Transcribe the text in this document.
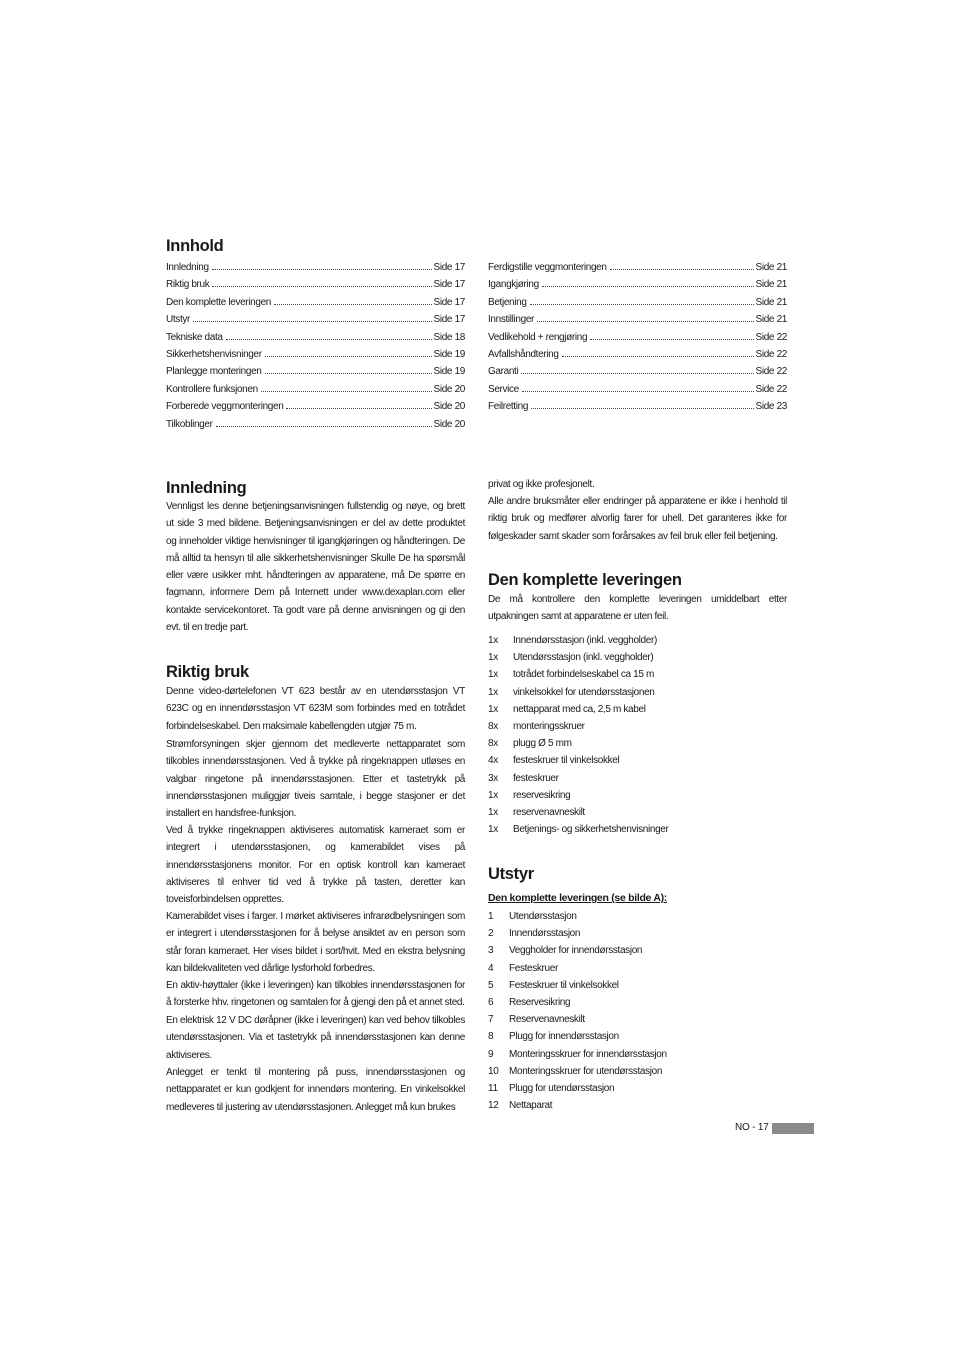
Innhold
Innledning	Side 17
Riktig bruk	Side 17
Den komplette leveringen	Side 17
Utstyr	Side 17
Tekniske data	Side 18
Sikkerhetshenvisninger	Side 19
Planlegge monteringen	Side 19
Kontrollere funksjonen	Side 20
Forberede veggmonteringen	Side 20
Tilkoblinger	Side 20
Ferdigstille veggmonteringen	Side 21
Igangkjøring	Side 21
Betjening	Side 21
Innstillinger	Side 21
Vedlikehold + rengjøring	Side 22
Avfallshåndtering	Side 22
Garanti	Side 22
Service	Side 22
Feilretting	Side 23
Innledning

Vennligst les denne betjeningsanvisningen fullstendig og nøye, og brett ut side 3 med bildene. Betjeningsanvisningen er del av dette produktet og inneholder viktige henvisninger til igangkjøringen og håndteringen. De må alltid ta hensyn til alle sikkerhetshenvisninger Skulle De ha spørsmål eller være usikker mht. håndteringen av apparatene, må De spørre en fagmann, informere Dem på Internett under www.dexaplan.com eller kontakte servicekontoret. Ta godt vare på denne anvisningen og gi den evt. til en tredje part.

Riktig bruk

Denne video-dørtelefonen VT 623 består av en utendørsstasjon VT 623C og en innendørsstasjon VT 623M som forbindes med en totrådet forbindelseskabel. Den maksimale kabellengden utgjør 75 m.

Strømforsyningen skjer gjennom det medleverte nettapparatet som tilkobles innendørsstasjonen. Ved å trykke på ringeknappen utløses en valgbar ringetone på innendørsstasjonen. Etter et tastetrykk på innendørsstasjonen muliggjør tiveis samtale, i begge stasjoner er det installert en handsfree-funksjon.

Ved å trykke ringeknappen aktiviseres automatisk kameraet som er integrert i utendørsstasjonen, og kamerabildet vises på innendørsstasjonens monitor. For en optisk kontroll kan kameraet aktiviseres til enhver tid ved å trykke på tasten, deretter kan toveisforbindelsen opprettes.

Kamerabildet vises i farger. I mørket aktiviseres infrarødbelysningen som er integrert i utendørsstasjonen for å belyse ansiktet av en person som står foran kameraet. Her vises bildet i sort/hvit. Med en ekstra belysning kan bildekvaliteten ved dårlige lysforhold forbedres.

En aktiv-høyttaler (ikke i leveringen) kan tilkobles innendørsstasjonen for å forsterke hhv. ringetonen og samtalen for å gjengi den på et annet sted.

En elektrisk 12 V DC døråpner (ikke i leveringen) kan ved behov tilkobles utendørsstasjonen. Via et tastetrykk på innendørsstasjonen kan denne aktiviseres.

Anlegget er tenkt til montering på puss, innendørsstasjonen og nettapparatet er kun godkjent for innendørs montering. En vinkelsokkel medleveres til justering av utendørsstasjonen. Anlegget må kun brukes

privat og ikke profesjonelt.

Alle andre bruksmåter eller endringer på apparatene er ikke i henhold til riktig bruk og medfører alvorlig farer for uhell. Det garanteres ikke for følgeskader samt skader som forårsakes av feil bruk eller feil betjening.

Den komplette leveringen

De må kontrollere den komplette leveringen umiddelbart etter utpakningen samt at apparatene er uten feil.

1x	Innendørsstasjon (inkl. veggholder)
1x	Utendørsstasjon (inkl. veggholder)
1x	totrådet forbindelseskabel ca 15 m
1x	vinkelsokkel for utendørsstasjonen
1x	nettapparat med ca, 2,5 m kabel
8x	monteringsskruer
8x	plugg Ø 5 mm
4x	festeskruer til vinkelsokkel
3x	festeskruer
1x	reservesikring
1x	reservenavneskilt
1x	Betjenings- og sikkerhetshenvisninger
Utstyr
Den komplette leveringen (se bilde A):
1	Utendørsstasjon
2	Innendørsstasjon
3	Veggholder for innendørsstasjon
4	Festeskruer
5	Festeskruer til vinkelsokkel
6	Reservesikring
7	Reservenavneskilt
8	Plugg for innendørsstasjon
9	Monteringsskruer for innendørsstasjon
10	Monteringsskruer for utendørsstasjon
11	Plugg for utendørsstasjon
12	Nettaparat
NO - 17
